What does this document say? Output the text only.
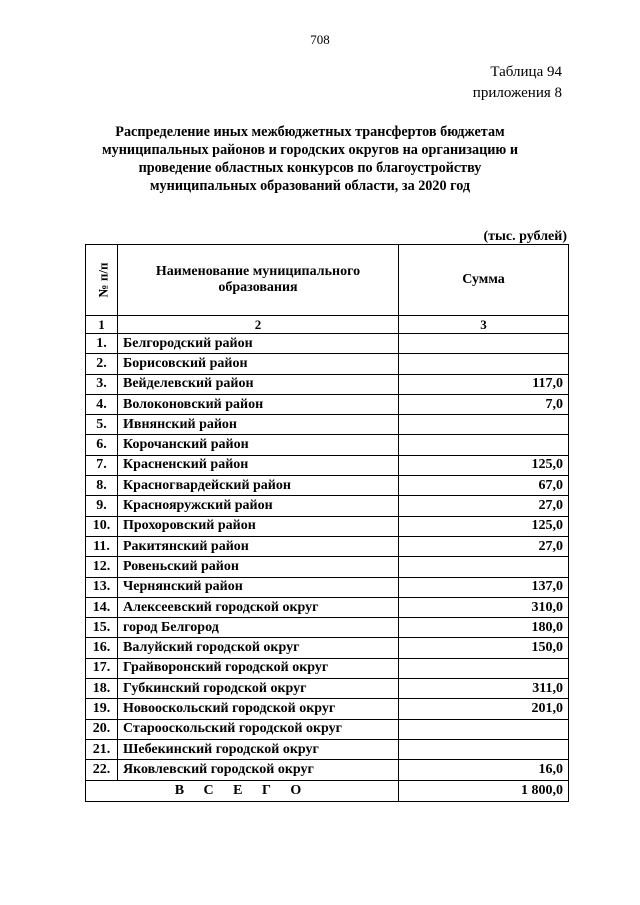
708
Таблица 94
приложения 8
Распределение иных межбюджетных трансфертов бюджетам муниципальных районов и городских округов на организацию и проведение областных конкурсов по благоустройству муниципальных образований области, за 2020 год
(тыс. рублей)
№ п/п	Наименование муниципального образования	Сумма
1	2	3
1.	Белгородский район	
2.	Борисовский район	
3.	Вейделевский район	117,0
4.	Волоконовский район	7,0
5.	Ивнянский район	
6.	Корочанский район	
7.	Красненский район	125,0
8.	Красногвардейский район	67,0
9.	Краснояружский район	27,0
10.	Прохоровский район	125,0
11.	Ракитянский район	27,0
12.	Ровеньский район	
13.	Чернянский район	137,0
14.	Алексеевский городской округ	310,0
15.	город Белгород	180,0
16.	Валуйский городской округ	150,0
17.	Грайворонский городской округ	
18.	Губкинский городской округ	311,0
19.	Новооскольский городской округ	201,0
20.	Старооскольский городской округ	
21.	Шебекинский городской округ	
22.	Яковлевский городской округ	16,0
В С Е Г О		1 800,0
